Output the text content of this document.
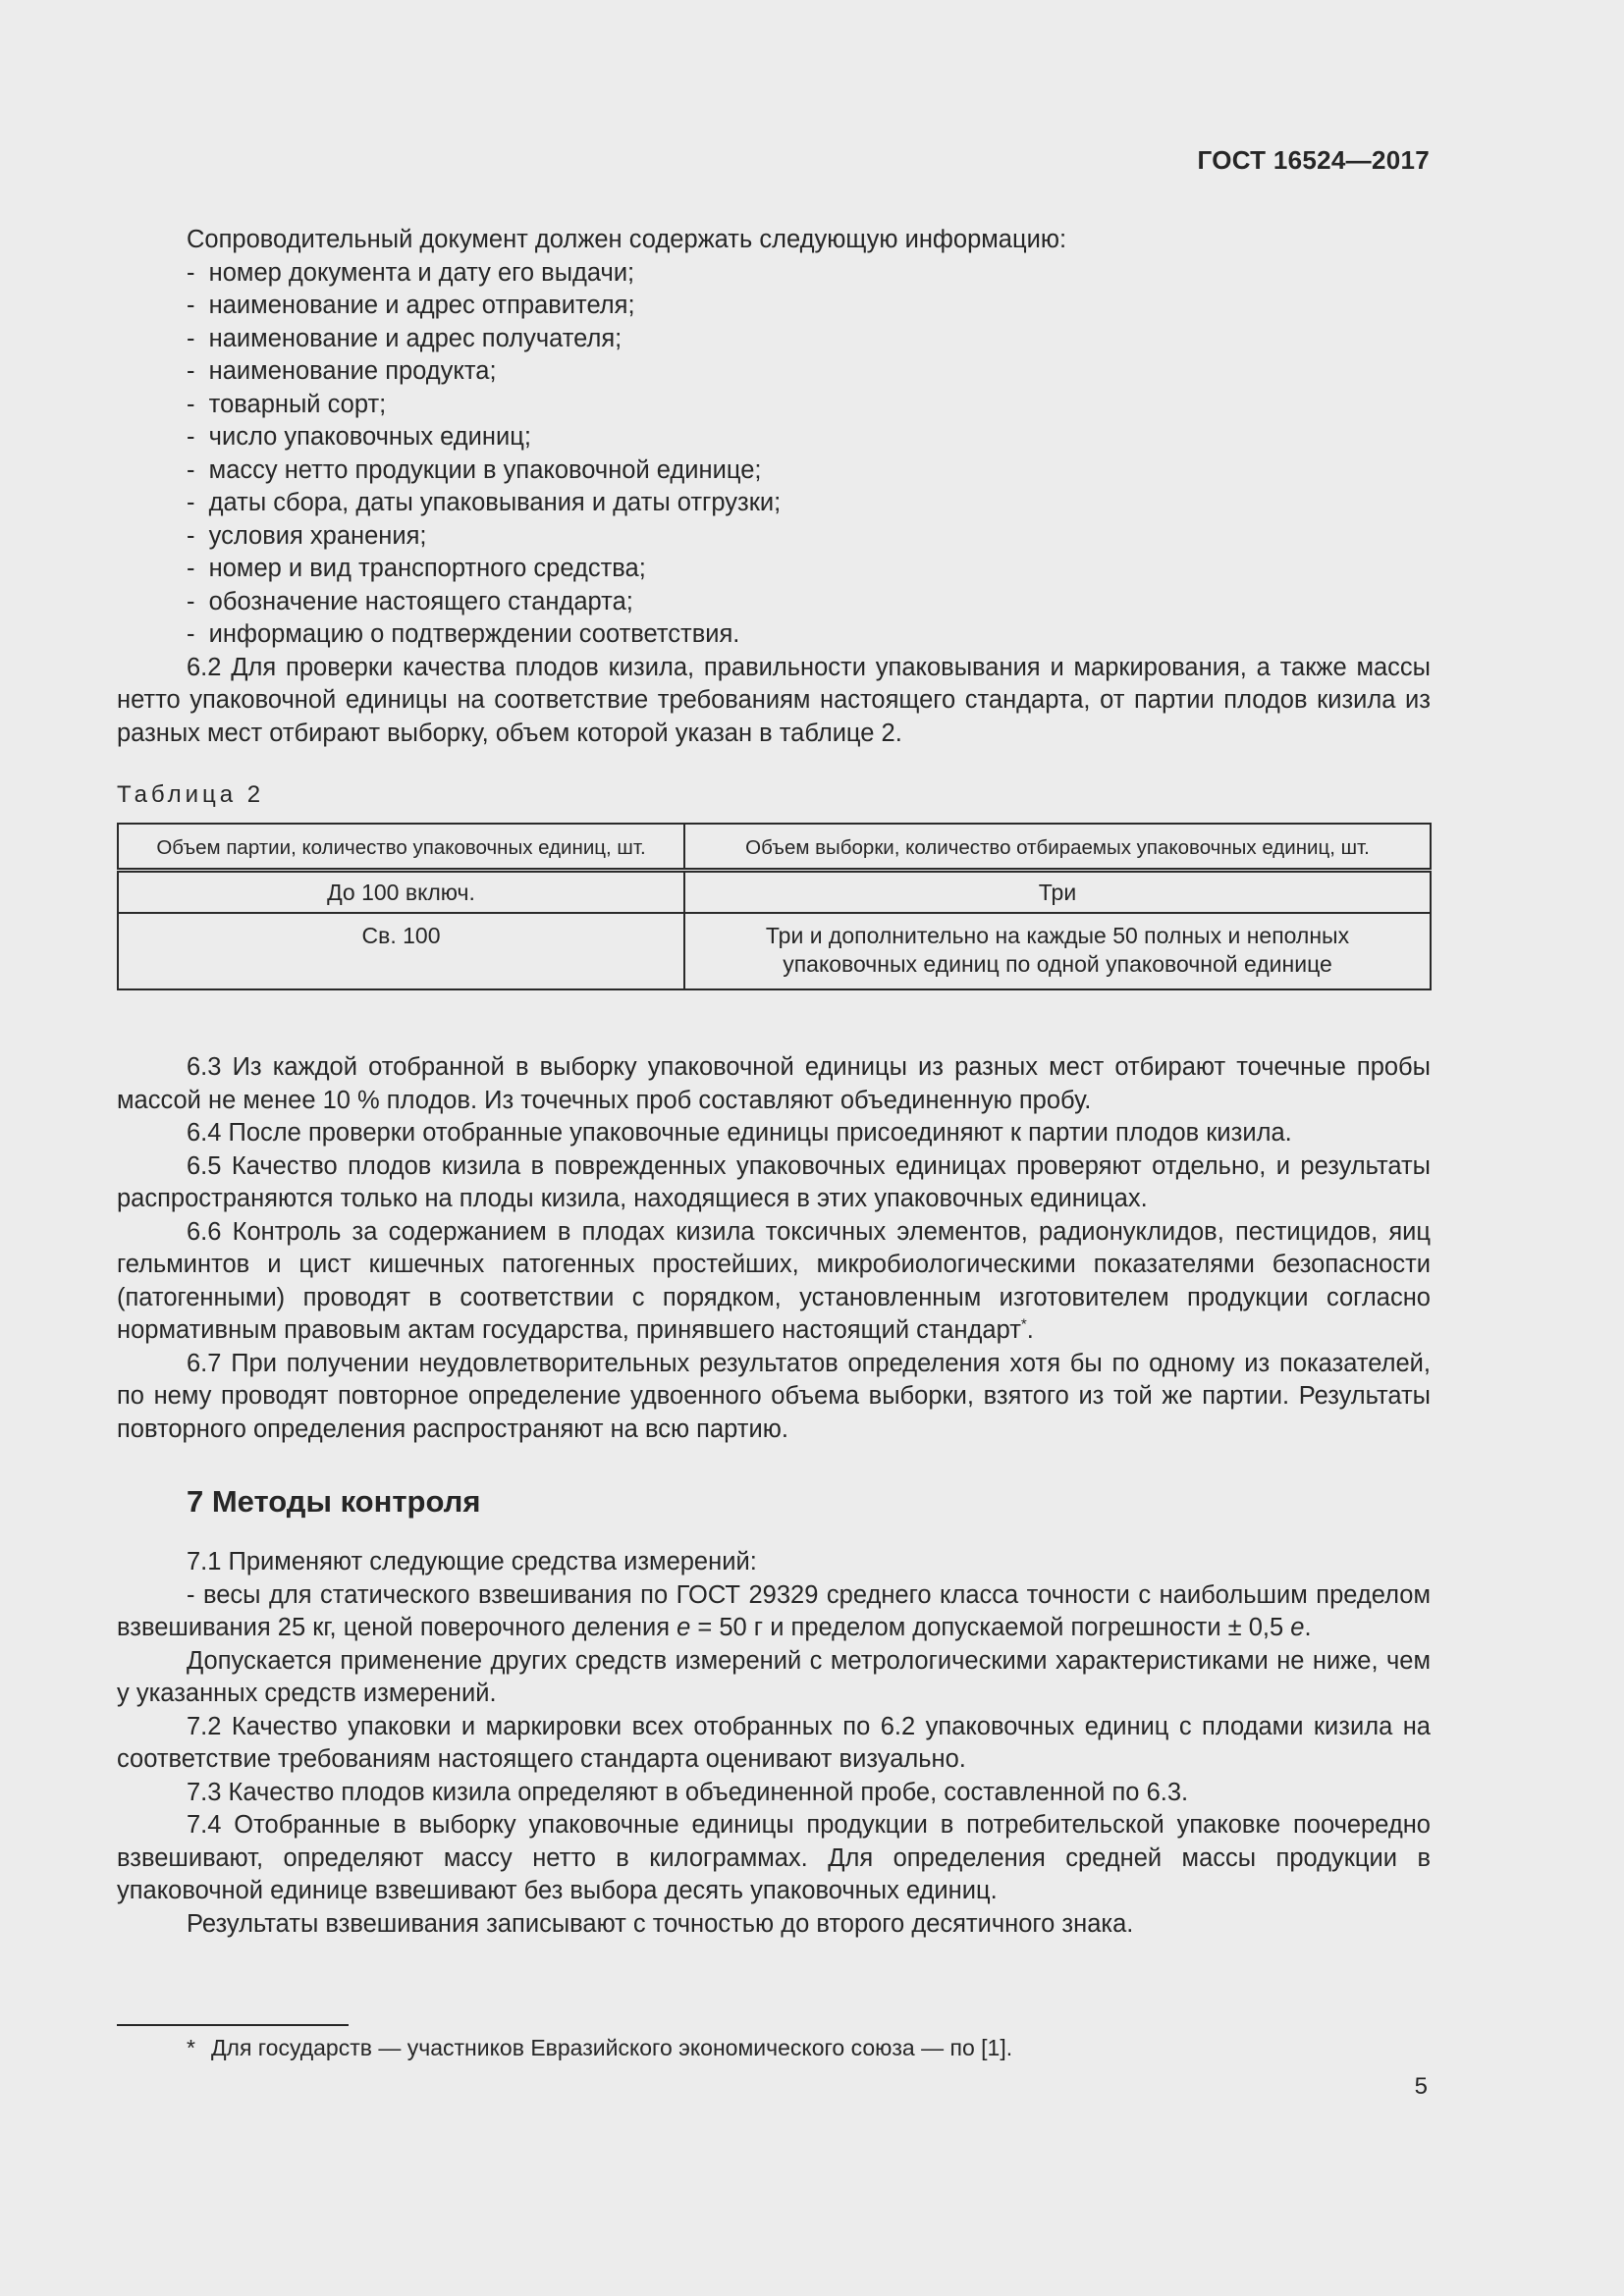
ГОСТ 16524—2017

Сопроводительный документ должен содержать следующую информацию:

- номер документа и дату его выдачи;
- наименование и адрес отправителя;
- наименование и адрес получателя;
- наименование продукта;
- товарный сорт;
- число упаковочных единиц;
- массу нетто продукции в упаковочной единице;
- даты сбора, даты упаковывания и даты отгрузки;
- условия хранения;
- номер и вид транспортного средства;
- обозначение настоящего стандарта;
- информацию о подтверждении соответствия.

6.2 Для проверки качества плодов кизила, правильности упаковывания и маркирования, а также массы нетто упаковочной единицы на соответствие требованиям настоящего стандарта, от партии плодов кизила из разных мест отбирают выборку, объем которой указан в таблице 2.

Таблица 2
Объем партии, количество упаковочных единиц, шт.	Объем выборки, количество отбираемых упаковочных единиц, шт.
До 100 включ.	Три
Св. 100	Три и дополнительно на каждые 50 полных и неполных упаковочных единиц по одной упаковочной единице

6.3 Из каждой отобранной в выборку упаковочной единицы из разных мест отбирают точечные пробы массой не менее 10 % плодов. Из точечных проб составляют объединенную пробу.

6.4 После проверки отобранные упаковочные единицы присоединяют к партии плодов кизила.

6.5 Качество плодов кизила в поврежденных упаковочных единицах проверяют отдельно, и результаты распространяются только на плоды кизила, находящиеся в этих упаковочных единицах.

6.6 Контроль за содержанием в плодах кизила токсичных элементов, радионуклидов, пестицидов, яиц гельминтов и цист кишечных патогенных простейших, микробиологическими показателями безопасности (патогенными) проводят в соответствии с порядком, установленным изготовителем продукции согласно нормативным правовым актам государства, принявшего настоящий стандарт*.

6.7 При получении неудовлетворительных результатов определения хотя бы по одному из показателей, по нему проводят повторное определение удвоенного объема выборки, взятого из той же партии. Результаты повторного определения распространяют на всю партию.

7 Методы контроля

7.1 Применяют следующие средства измерений:

- весы для статического взвешивания по ГОСТ 29329 среднего класса точности с наибольшим пределом взвешивания 25 кг, ценой поверочного деления е = 50 г и пределом допускаемой погрешности ± 0,5 е.

Допускается применение других средств измерений с метрологическими характеристиками не ниже, чем у указанных средств измерений.

7.2 Качество упаковки и маркировки всех отобранных по 6.2 упаковочных единиц с плодами кизила на соответствие требованиям настоящего стандарта оценивают визуально.

7.3 Качество плодов кизила определяют в объединенной пробе, составленной по 6.3.

7.4 Отобранные в выборку упаковочные единицы продукции в потребительской упаковке поочередно взвешивают, определяют массу нетто в килограммах. Для определения средней массы продукции в упаковочной единице взвешивают без выбора десять упаковочных единиц.

Результаты взвешивания записывают с точностью до второго десятичного знака.

* Для государств — участников Евразийского экономического союза — по [1].
5
